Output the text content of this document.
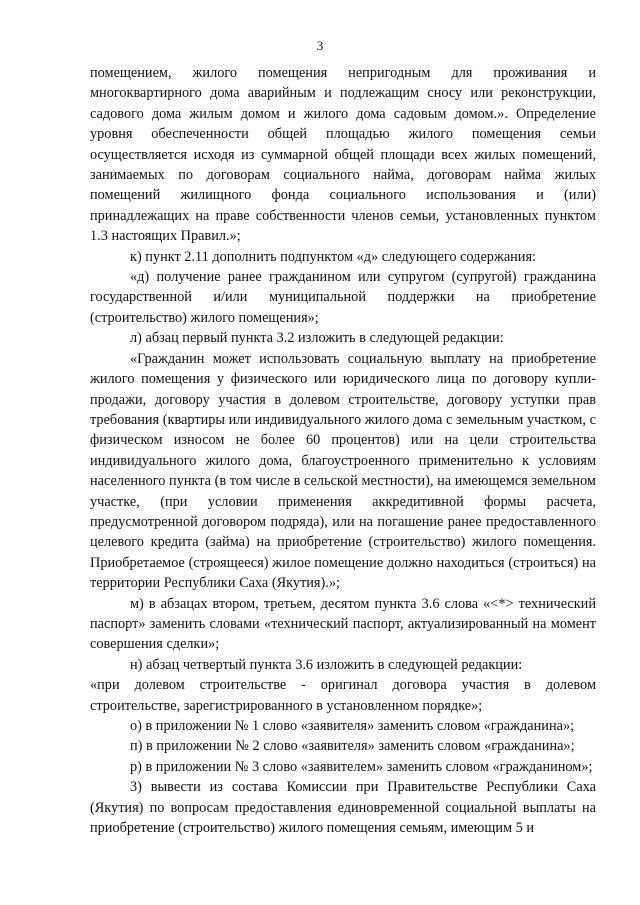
3

помещением, жилого помещения непригодным для проживания и многоквартирного дома аварийным и подлежащим сносу или реконструкции, садового дома жилым домом и жилого дома садовым домом.». Определение уровня обеспеченности общей площадью жилого помещения семьи осуществляется исходя из суммарной общей площади всех жилых помещений, занимаемых по договорам социального найма, договорам найма жилых помещений жилищного фонда социального использования и (или) принадлежащих на праве собственности членов семьи, установленных пунктом 1.3 настоящих Правил.»;

к) пункт 2.11 дополнить подпунктом «д» следующего содержания:

«д) получение ранее гражданином или супругом (супругой) гражданина государственной и/или муниципальной поддержки на приобретение (строительство) жилого помещения»;

л) абзац первый пункта 3.2 изложить в следующей редакции:

«Гражданин может использовать социальную выплату на приобретение жилого помещения у физического или юридического лица по договору купли-продажи, договору участия в долевом строительстве, договору уступки прав требования (квартиры или индивидуального жилого дома с земельным участком, с физическом износом не более 60 процентов) или на цели строительства индивидуального жилого дома, благоустроенного применительно к условиям населенного пункта (в том числе в сельской местности), на имеющемся земельном участке, (при условии применения аккредитивной формы расчета, предусмотренной договором подряда), или на погашение ранее предоставленного целевого кредита (займа) на приобретение (строительство) жилого помещения. Приобретаемое (строящееся) жилое помещение должно находиться (строиться) на территории Республики Саха (Якутия).»;

м) в абзацах втором, третьем, десятом пункта 3.6 слова «<*> технический паспорт» заменить словами «технический паспорт, актуализированный на момент совершения сделки»;

н) абзац четвертый пункта 3.6 изложить в следующей редакции:

«при долевом строительстве - оригинал договора участия в долевом строительстве, зарегистрированного в установленном порядке»;

о) в приложении № 1 слово «заявителя» заменить словом «гражданина»;

п) в приложении № 2 слово «заявителя» заменить словом «гражданина»;

р) в приложении № 3 слово «заявителем» заменить словом «гражданином»;

3) вывести из состава Комиссии при Правительстве Республики Саха (Якутия) по вопросам предоставления единовременной социальной выплаты на приобретение (строительство) жилого помещения семьям, имеющим 5 и
